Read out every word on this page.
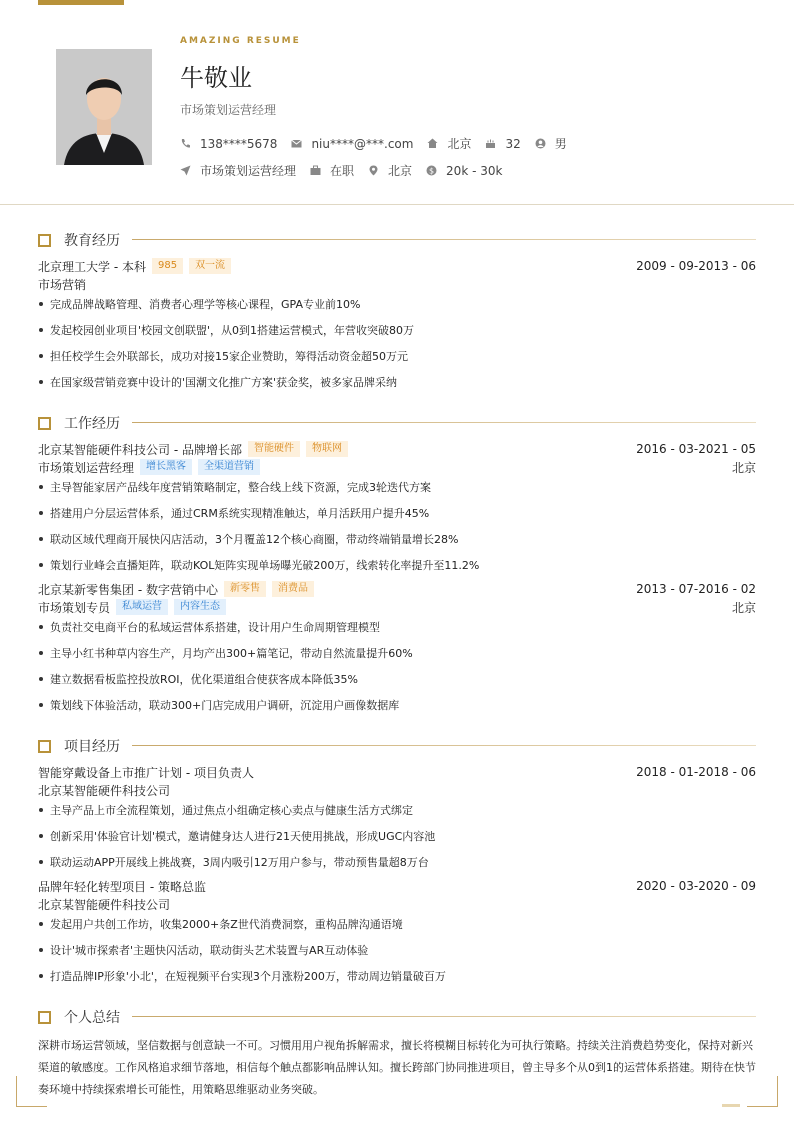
AMAZING RESUME
牛敬业
市场策划运营经理
138****5678	niu****@***.com	北京	32	男
市场策划运营经理	在职	北京 $ 20k - 30k
教育经历
北京理工大学 - 本科	985	双一流	2009 - 09-2013 - 06
市场营销
完成品牌战略管理、消费者心理学等核心课程，GPA专业前10%
发起校园创业项目'校园文创联盟'，从0到1搭建运营模式，年营收突破80万
担任校学生会外联部长，成功对接15家企业赞助，筹得活动资金超50万元
在国家级营销竞赛中设计的'国潮文化推广方案'获金奖，被多家品牌采纳
工作经历
北京某智能硬件科技公司 - 品牌增长部	智能硬件	物联网	2016 - 03-2021 - 05
市场策划运营经理	增长黑客	全渠道营销	北京
主导智能家居产品线年度营销策略制定，整合线上线下资源，完成3轮迭代方案
搭建用户分层运营体系，通过CRM系统实现精准触达，单月活跃用户提升45%
联动区域代理商开展快闪店活动，3个月覆盖12个核心商圈，带动终端销量增长28%
策划行业峰会直播矩阵，联动KOL矩阵实现单场曝光破200万，线索转化率提升至11.2%
北京某新零售集团 - 数字营销中心	新零售	消费品	2013 - 07-2016 - 02
市场策划专员	私域运营	内容生态	北京
负责社交电商平台的私域运营体系搭建，设计用户生命周期管理模型
主导小红书种草内容生产，月均产出300+篇笔记，带动自然流量提升60%
建立数据看板监控投放ROI，优化渠道组合使获客成本降低35%
策划线下体验活动，联动300+门店完成用户调研，沉淀用户画像数据库
项目经历
智能穿戴设备上市推广计划 - 项目负责人	2018 - 01-2018 - 06
北京某智能硬件科技公司
主导产品上市全流程策划，通过焦点小组确定核心卖点与健康生活方式绑定
创新采用'体验官计划'模式，邀请健身达人进行21天使用挑战，形成UGC内容池
联动运动APP开展线上挑战赛，3周内吸引12万用户参与，带动预售量超8万台
品牌年轻化转型项目 - 策略总监	2020 - 03-2020 - 09
北京某智能硬件科技公司
发起用户共创工作坊，收集2000+条Z世代消费洞察，重构品牌沟通语境
设计'城市探索者'主题快闪活动，联动街头艺术装置与AR互动体验
打造品牌IP形象'小北'，在短视频平台实现3个月涨粉200万，带动周边销量破百万
个人总结
深耕市场运营领域，坚信数据与创意缺一不可。习惯用用户视角拆解需求，擅长将模糊目标转化为可执行策略。持续关注消费趋势变化，保持对新兴渠道的敏感度。工作风格追求细节落地，相信每个触点都影响品牌认知。擅长跨部门协同推进项目，曾主导多个从0到1的运营体系搭建。期待在快节奏环境中持续探索增长可能性，用策略思维驱动业务突破。
